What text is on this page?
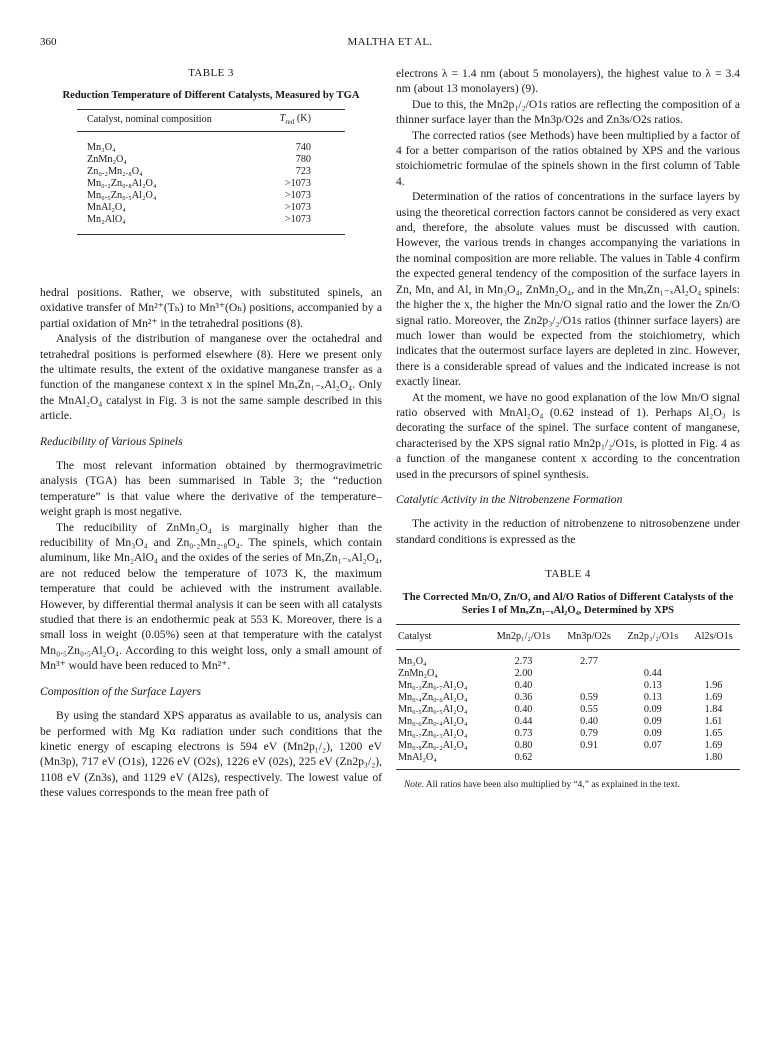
360	MALTHA ET AL.
TABLE 3
Reduction Temperature of Different Catalysts, Measured by TGA
Catalyst, nominal composition	$T_{red}$ (K)
Mn₃O₄	740
ZnMn₂O₄	780
Zn₀.₂Mn₂.₈O₄	723
Mn₀.₂Zn₀.₈Al₂O₄	>1073
Mn₀.₅Zn₀.₅Al₂O₄	>1073
MnAl₂O₄	>1073
Mn₂AlO₄	>1073

hedral positions. Rather, we observe, with substituted spinels, an oxidative transfer of Mn²⁺(Tₕ) to Mn³⁺(Oₕ) positions, accompanied by a partial oxidation of Mn²⁺ in the tetrahedral positions (8).

Analysis of the distribution of manganese over the octahedral and tetrahedral positions is performed elsewhere (8). Here we present only the ultimate results, the extent of the oxidative manganese transfer as a function of the manganese context x in the spinel MnₓZn₁₋ₓAl₂O₄. Only the MnAl₂O₄ catalyst in Fig. 3 is not the same sample described in this article.

Reducibility of Various Spinels

The most relevant information obtained by thermogravimetric analysis (TGA) has been summarised in Table 3; the “reduction temperature” is that value where the derivative of the temperature–weight graph is most negative.

The reducibility of ZnMn₂O₄ is marginally higher than the reducibility of Mn₃O₄ and Zn₀.₂Mn₂.₈O₄. The spinels, which contain aluminum, like Mn₂AlO₄ and the oxides of the series of MnₓZn₁₋ₓAl₂O₄, are not reduced below the temperature of 1073 K, the maximum temperature that could be achieved with the instrument available. However, by differential thermal analysis it can be seen with all catalysts studied that there is an endothermic peak at 553 K. Moreover, there is a small loss in weight (0.05%) seen at that temperature with the catalyst Mn₀.₅Zn₀.₅Al₂O₄. According to this weight loss, only a small amount of Mn³⁺ would have been reduced to Mn²⁺.

Composition of the Surface Layers

By using the standard XPS apparatus as available to us, analysis can be performed with Mg Kα radiation under such conditions that the kinetic energy of escaping electrons is 594 eV (Mn2p₁/₂), 1200 eV (Mn3p), 717 eV (O1s), 1226 eV (O2s), 1226 eV (02s), 225 eV (Zn2p₃/₂), 1108 eV (Zn3s), and 1129 eV (Al2s), respectively. The lowest value of these values corresponds to the mean free path of

electrons λ = 1.4 nm (about 5 monolayers), the highest value to λ = 3.4 nm (about 13 monolayers) (9).

Due to this, the Mn2p₁/₂/O1s ratios are reflecting the composition of a thinner surface layer than the Mn3p/O2s and Zn3s/O2s ratios.

The corrected ratios (see Methods) have been multiplied by a factor of 4 for a better comparison of the ratios obtained by XPS and the various stoichiometric formulae of the spinels shown in the first column of Table 4.

Determination of the ratios of concentrations in the surface layers by using the theoretical correction factors cannot be considered as very exact and, therefore, the absolute values must be discussed with caution. However, the various trends in changes accompanying the variations in the nominal composition are more reliable. The values in Table 4 confirm the expected general tendency of the composition of the surface layers in Zn, Mn, and Al, in Mn₃O₄, ZnMn₂O₄, and in the MnₓZn₁₋ₓAl₂O₄ spinels: the higher the x, the higher the Mn/O signal ratio and the lower the Zn/O signal ratio. Moreover, the Zn2p₃/₂/O1s ratios (thinner surface layers) are much lower than would be expected from the stoichiometry, which indicates that the outermost surface layers are depleted in zinc. However, there is a considerable spread of values and the indicated increase is not exactly linear.

At the moment, we have no good explanation of the low Mn/O signal ratio observed with MnAl₂O₄ (0.62 instead of 1). Perhaps Al₂O₃ is decorating the surface of the spinel. The surface content of manganese, characterised by the XPS signal ratio Mn2p₁/₂/O1s, is plotted in Fig. 4 as a function of the manganese content x according to the concentration used in the precursors of spinel synthesis.

Catalytic Activity in the Nitrobenzene Formation

The activity in the reduction of nitrobenzene to nitrosobenzene under standard conditions is expressed as the

TABLE 4
The Corrected Mn/O, Zn/O, and Al/O Ratios of Different Catalysts of the Series I of MnₓZn₁₋ₓAl₂O₄, Determined by XPS
Catalyst	Mn2p₁/₂/O1s	Mn3p/O2s	Zn2p₃/₂/O1s	Al2s/O1s
Mn₃O₄	2.73	2.77		
ZnMn₂O₄	2.00		0.44	
Mn₀.₃Zn₀.₇Al₂O₄	0.40		0.13	1.96
Mn₀.₄Zn₀.₆Al₂O₄	0.36	0.59	0.13	1.69
Mn₀.₅Zn₀.₅Al₂O₄	0.40	0.55	0.09	1.84
Mn₀.₆Zn₀.₄Al₂O₄	0.44	0.40	0.09	1.61
Mn₀.₇Zn₀.₃Al₂O₄	0.73	0.79	0.09	1.65
Mn₀.₈Zn₀.₂Al₂O₄	0.80	0.91	0.07	1.69
MnAl₂O₄	0.62			1.80
Note. All ratios have been also multiplied by “4,” as explained in the text.
